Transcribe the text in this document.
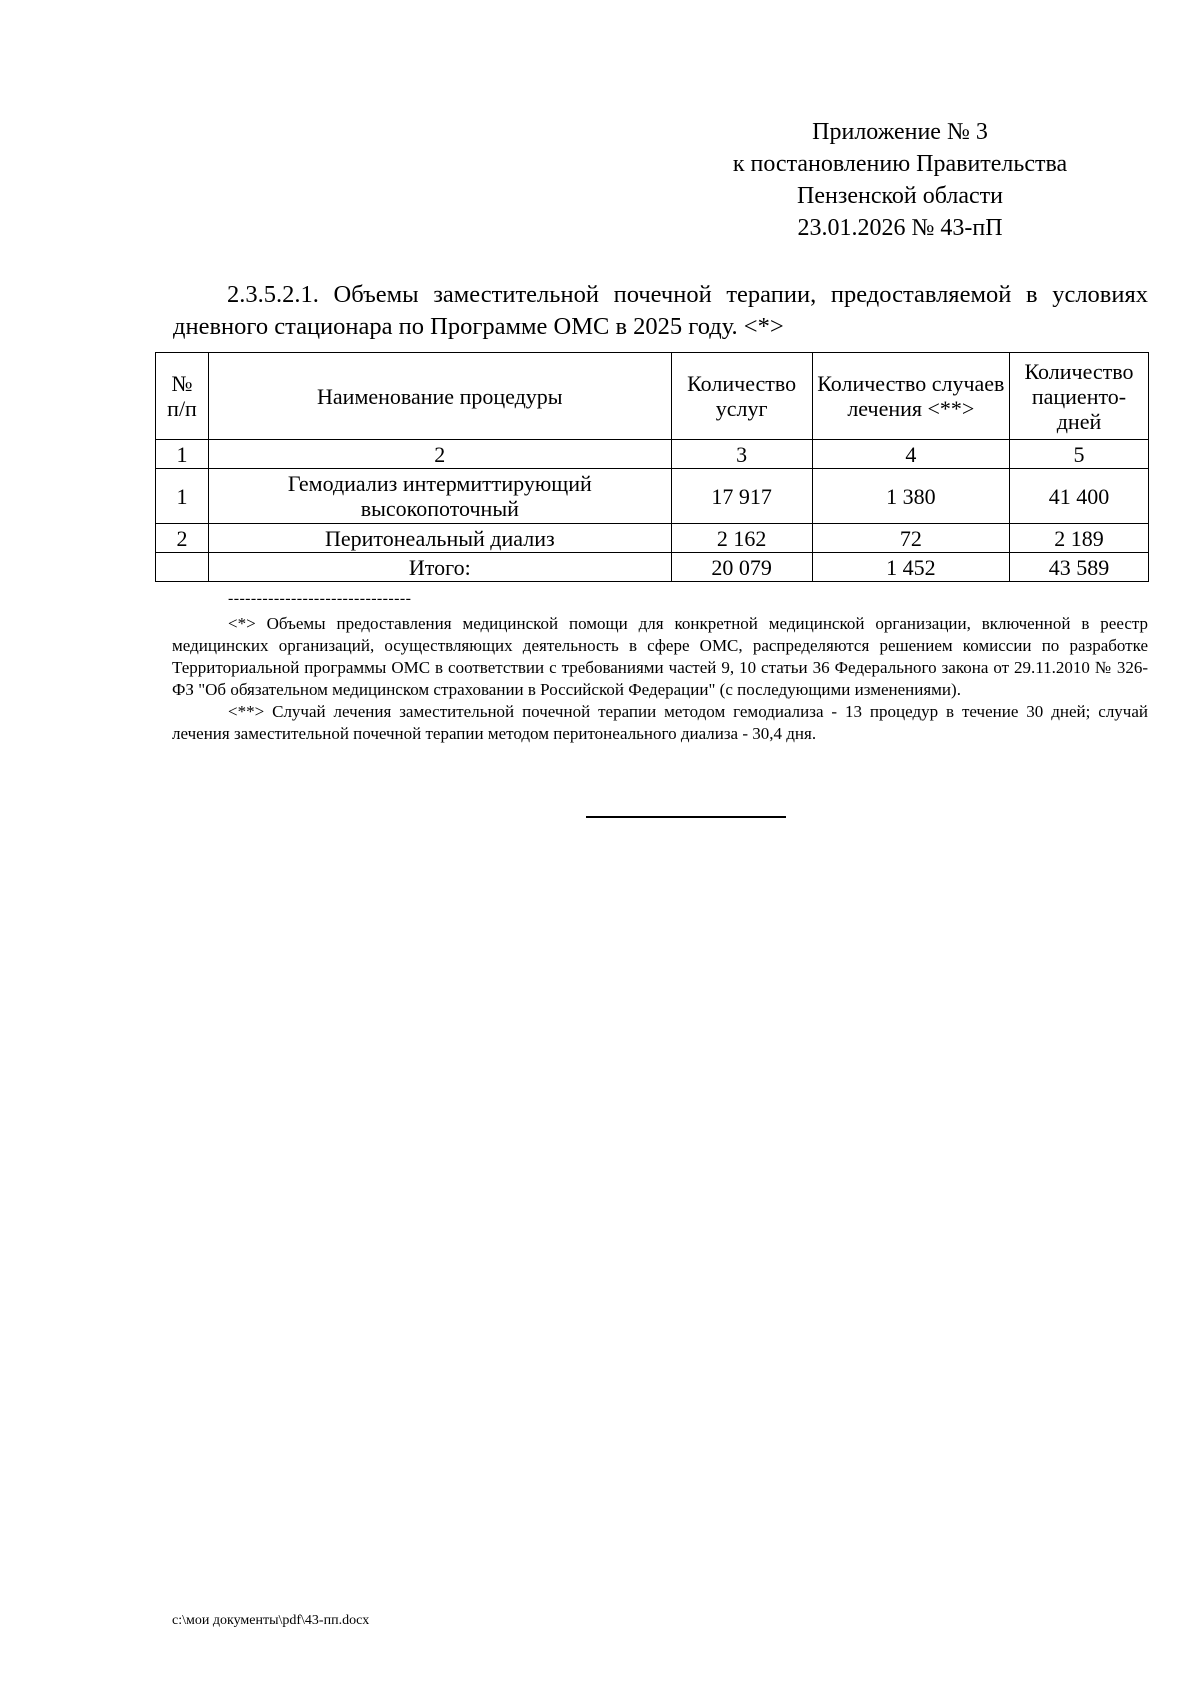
Приложение № 3
к постановлению Правительства
Пензенской области
23.01.2026 № 43-пП
2.3.5.2.1. Объемы заместительной почечной терапии, предоставляемой в условиях дневного стационара по Программе ОМС в 2025 году. <*>
№ п/п	Наименование процедуры	Количество услуг	Количество случаев лечения <**>	Количество пациенто-дней
1	2	3	4	5
1	Гемодиализ интермиттирующий высокопоточный	17 917	1 380	41 400
2	Перитонеальный диализ	2 162	72	2 189
	Итого:	20 079	1 452	43 589
--------------------------------

<*> Объемы предоставления медицинской помощи для конкретной медицинской организации, включенной в реестр медицинских организаций, осуществляющих деятельность в сфере ОМС, распределяются решением комиссии по разработке Территориальной программы ОМС в соответствии с требованиями частей 9, 10 статьи 36 Федерального закона от 29.11.2010 № 326-ФЗ "Об обязательном медицинском страховании в Российской Федерации" (с последующими изменениями).

<**> Случай лечения заместительной почечной терапии методом гемодиализа - 13 процедур в течение 30 дней; случай лечения заместительной почечной терапии методом перитонеального диализа - 30,4 дня.

c:\мои документы\pdf\43-пп.docx
